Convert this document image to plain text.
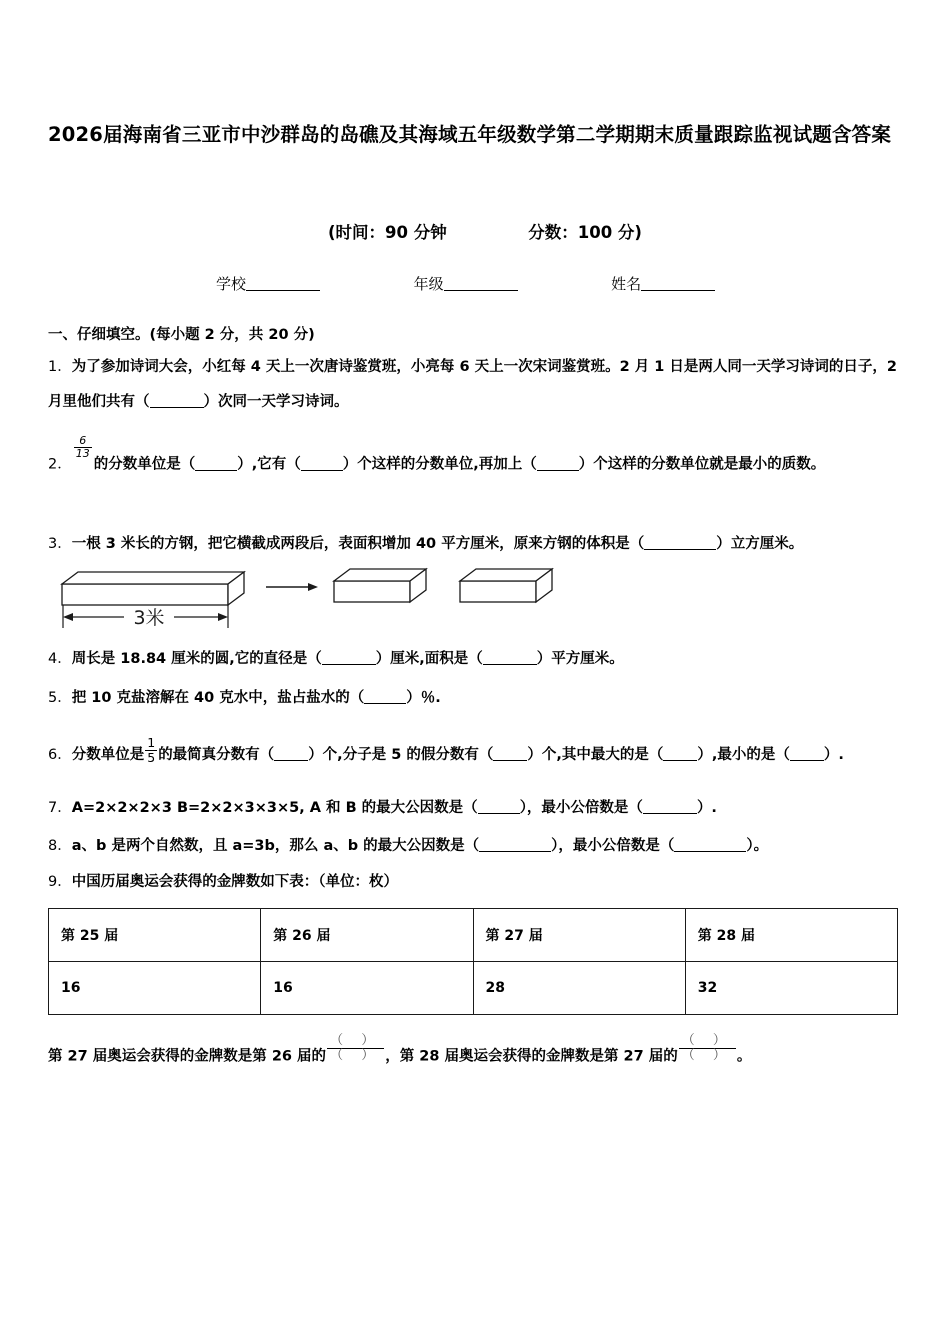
2026届海南省三亚市中沙群岛的岛礁及其海域五年级数学第二学期期末质量跟踪监视试题含答案
(时间：90 分钟	分数：100 分)
学校	年级	姓名
一、仔细填空。(每小题 2 分，共 20 分)
1．为了参加诗词大会，小红每 4 天上一次唐诗鉴赏班，小亮每 6 天上一次宋词鉴赏班。2 月 1 日是两人同一天学习诗词的日子，2 月里他们共有（	）次同一天学习诗词。
2．
$\frac{6}{13}$
的分数单位是（	）,它有（	）个这样的分数单位,再加上（	）个这样的分数单位就是最小的质数。
3．一根 3 米长的方钢，把它横截成两段后，表面积增加 40 平方厘米，原来方钢的体积是（	）立方厘米。
3米
4．周长是 18.84 厘米的圆,它的直径是（	）厘米,面积是（	）平方厘米。
5．把 10 克盐溶解在 40 克水中，盐占盐水的（	）％.
6．分数单位是 $\frac{1}{5}$ 的最简真分数有（ ）个,分子是 5 的假分数有（ ）个,其中最大的是（ ）,最小的是（ ）.
7．A=2×2×2×3 B=2×2×3×3×5, A 和 B 的最大公因数是（	），最小公倍数是（	）.
8．a、b 是两个自然数，且 a=3b，那么 a、b 的最大公因数是（	），最小公倍数是（	）。
9．中国历届奥运会获得的金牌数如下表：（单位：枚）
第 25 届	第 26 届	第 27 届	第 28 届
16	16	28	32
第 27 届奥运会获得的金牌数是第 26 届的 $\frac{( )}{( )}$ ，第 28 届奥运会获得的金牌数是第 27 届的 $\frac{( )}{( )}$ 。
